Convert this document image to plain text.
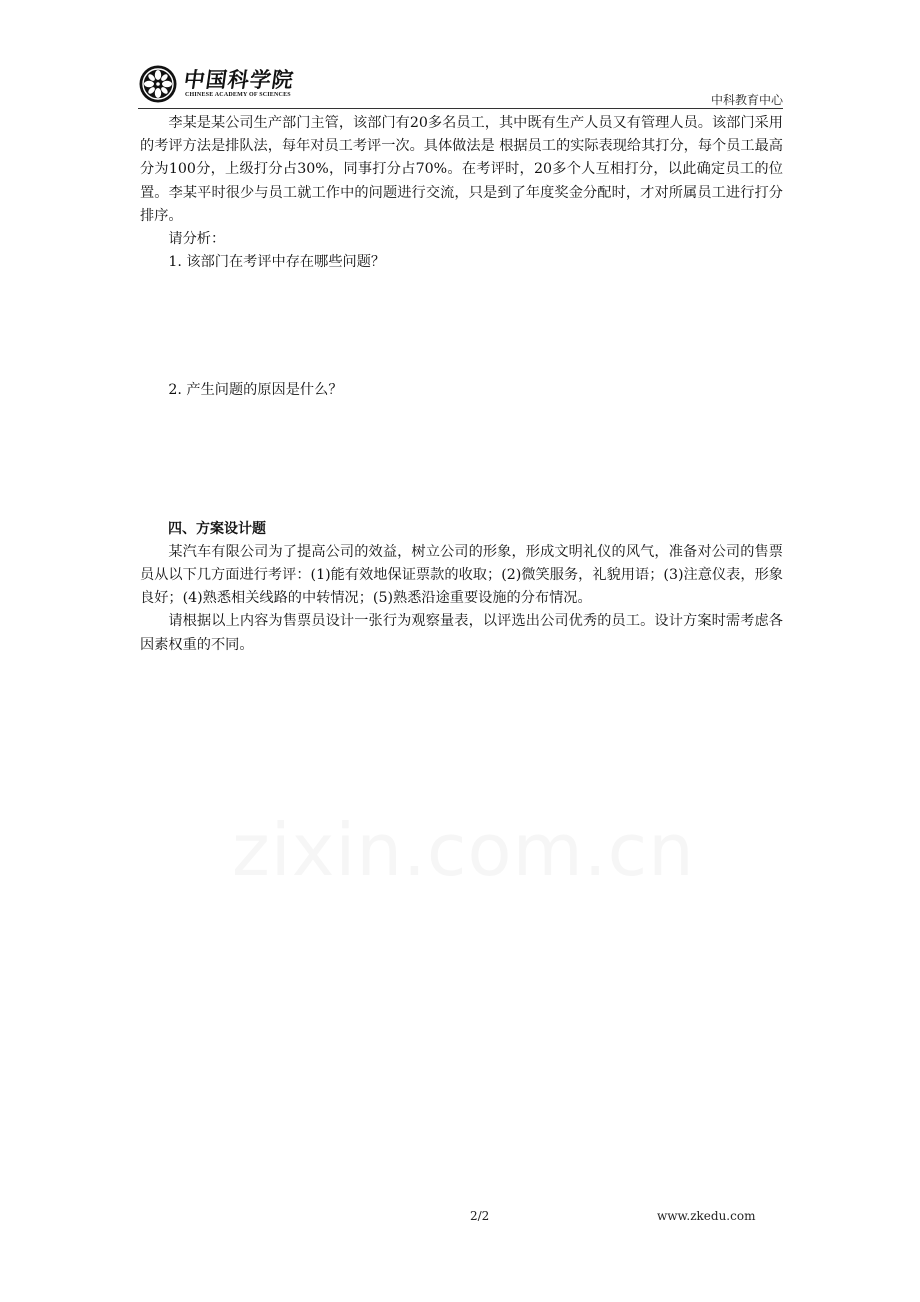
zixin.com.cn
中国科学院
CHINESE ACADEMY OF SCIENCES	中科教育中心

李某是某公司生产部门主管，该部门有20多名员工，其中既有生产人员又有管理人员。该部门采用的考评方法是排队法，每年对员工考评一次。具体做法是 根据员工的实际表现给其打分，每个员工最高分为100分，上级打分占30%，同事打分占70%。在考评时，20多个人互相打分，以此确定员工的位置。李某平时很少与员工就工作中的问题进行交流，只是到了年度奖金分配时，才对所属员工进行打分排序。

请分析：

1. 该部门在考评中存在哪些问题？

2. 产生问题的原因是什么？

四、方案设计题

某汽车有限公司为了提高公司的效益，树立公司的形象，形成文明礼仪的风气，准备对公司的售票员从以下几方面进行考评：(1)能有效地保证票款的收取；(2)微笑服务，礼貌用语；(3)注意仪表，形象良好；(4)熟悉相关线路的中转情况；(5)熟悉沿途重要设施的分布情况。

请根据以上内容为售票员设计一张行为观察量表，以评选出公司优秀的员工。设计方案时需考虑各因素权重的不同。

2/2	www.zkedu.com
